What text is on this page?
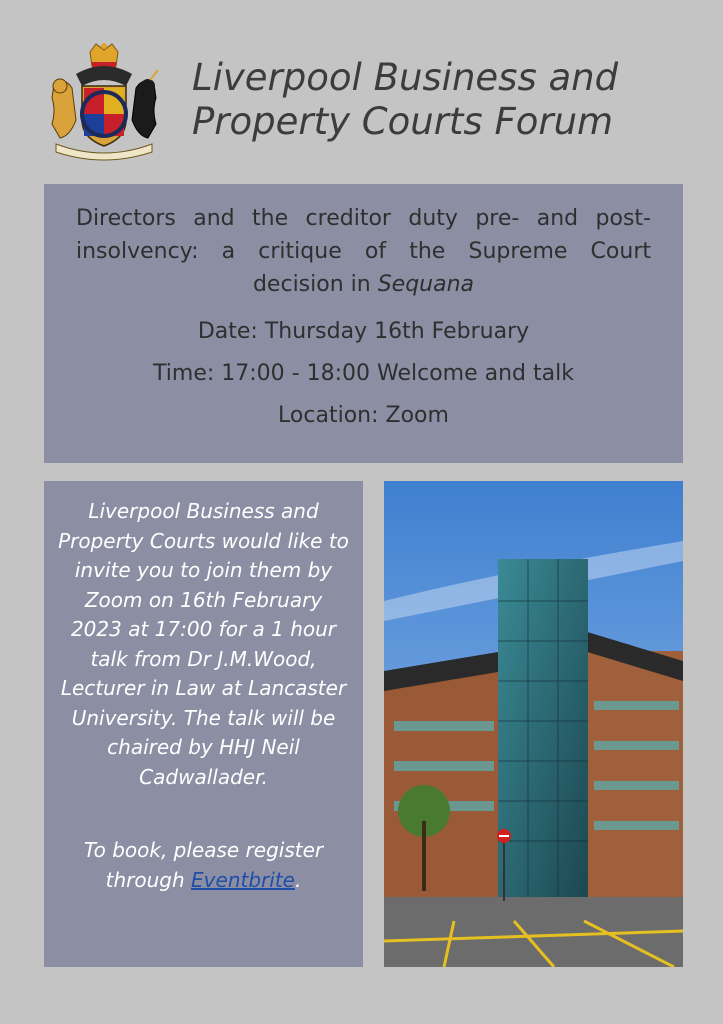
Liverpool Business and
Property Courts Forum

Directors and the creditor duty pre- and post-insolvency: a critique of the Supreme Court decision in Sequana

Date: Thursday 16th February

Time: 17:00 - 18:00 Welcome and talk

Location: Zoom

Liverpool Business and Property Courts would like to invite you to join them by Zoom on 16th February 2023 at 17:00 for a 1 hour talk from Dr J.M.Wood, Lecturer in Law at Lancaster University. The talk will be chaired by HHJ Neil Cadwallader.

To book, please register through Eventbrite.
